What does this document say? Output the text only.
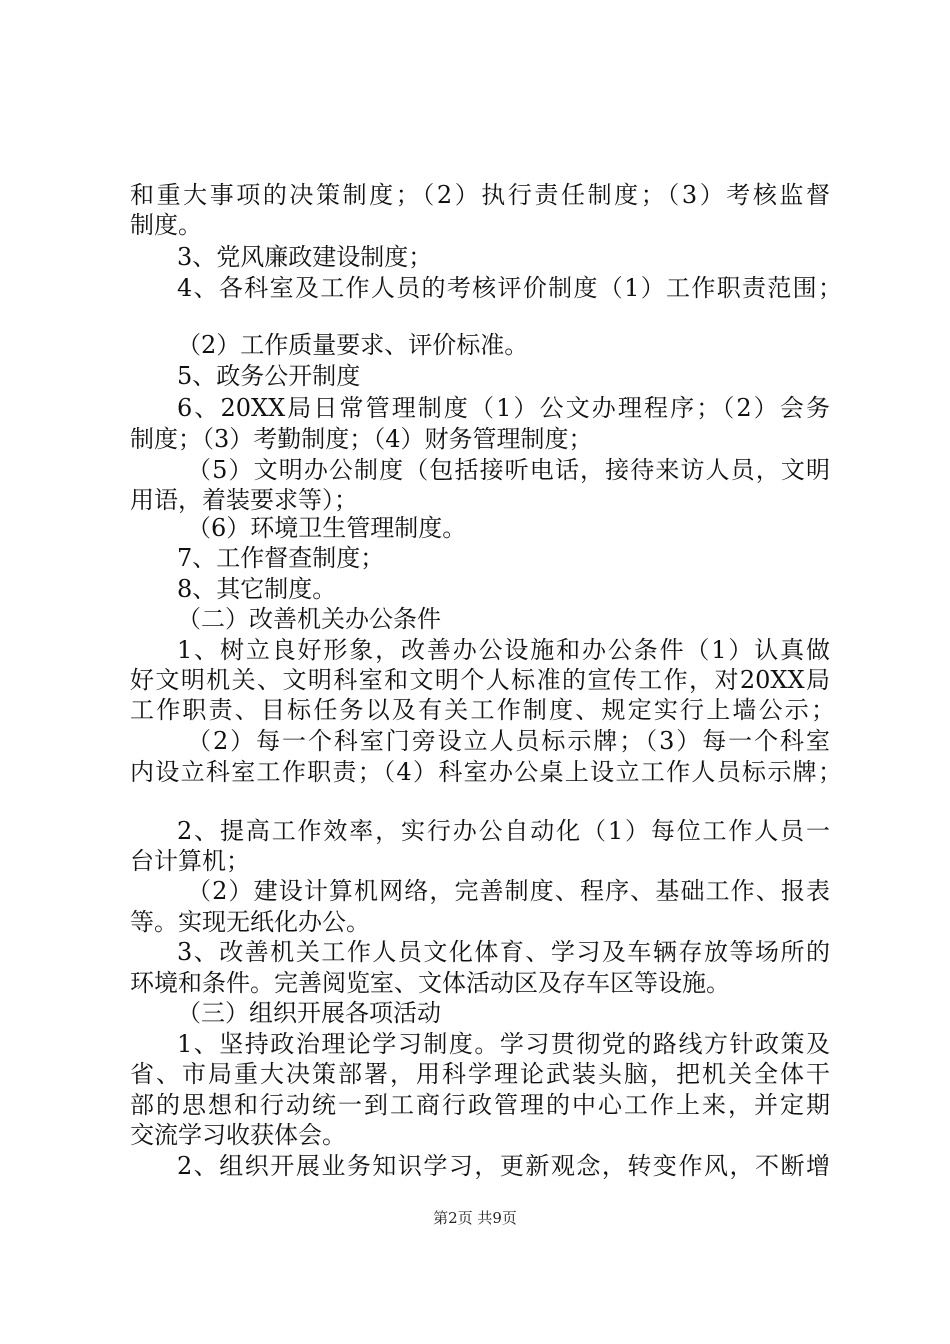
和重大事项的决策制度；（2）执行责任制度；（3）考核监督

制度。

3、党风廉政建设制度；

4、各科室及工作人员的考核评价制度（1）工作职责范围；

（2）工作质量要求、评价标准。

5、政务公开制度

6、20XX局日常管理制度（1）公文办理程序；（2）会务

制度；（3）考勤制度；（4）财务管理制度；

（5）文明办公制度（包括接听电话，接待来访人员，文明

用语，着装要求等）；

（6）环境卫生管理制度。

7、工作督查制度；

8、其它制度。

（二）改善机关办公条件

1、树立良好形象，改善办公设施和办公条件（1）认真做

好文明机关、文明科室和文明个人标准的宣传工作，对20XX局

工作职责、目标任务以及有关工作制度、规定实行上墙公示；

（2）每一个科室门旁设立人员标示牌；（3）每一个科室

内设立科室工作职责；（4）科室办公桌上设立工作人员标示牌；

2、提高工作效率，实行办公自动化（1）每位工作人员一

台计算机；

（2）建设计算机网络，完善制度、程序、基础工作、报表

等。实现无纸化办公。

3、改善机关工作人员文化体育、学习及车辆存放等场所的

环境和条件。完善阅览室、文体活动区及存车区等设施。

（三）组织开展各项活动

1、坚持政治理论学习制度。学习贯彻党的路线方针政策及

省、市局重大决策部署，用科学理论武装头脑，把机关全体干

部的思想和行动统一到工商行政管理的中心工作上来，并定期

交流学习收获体会。

2、组织开展业务知识学习，更新观念，转变作风，不断增

第2页 共9页
